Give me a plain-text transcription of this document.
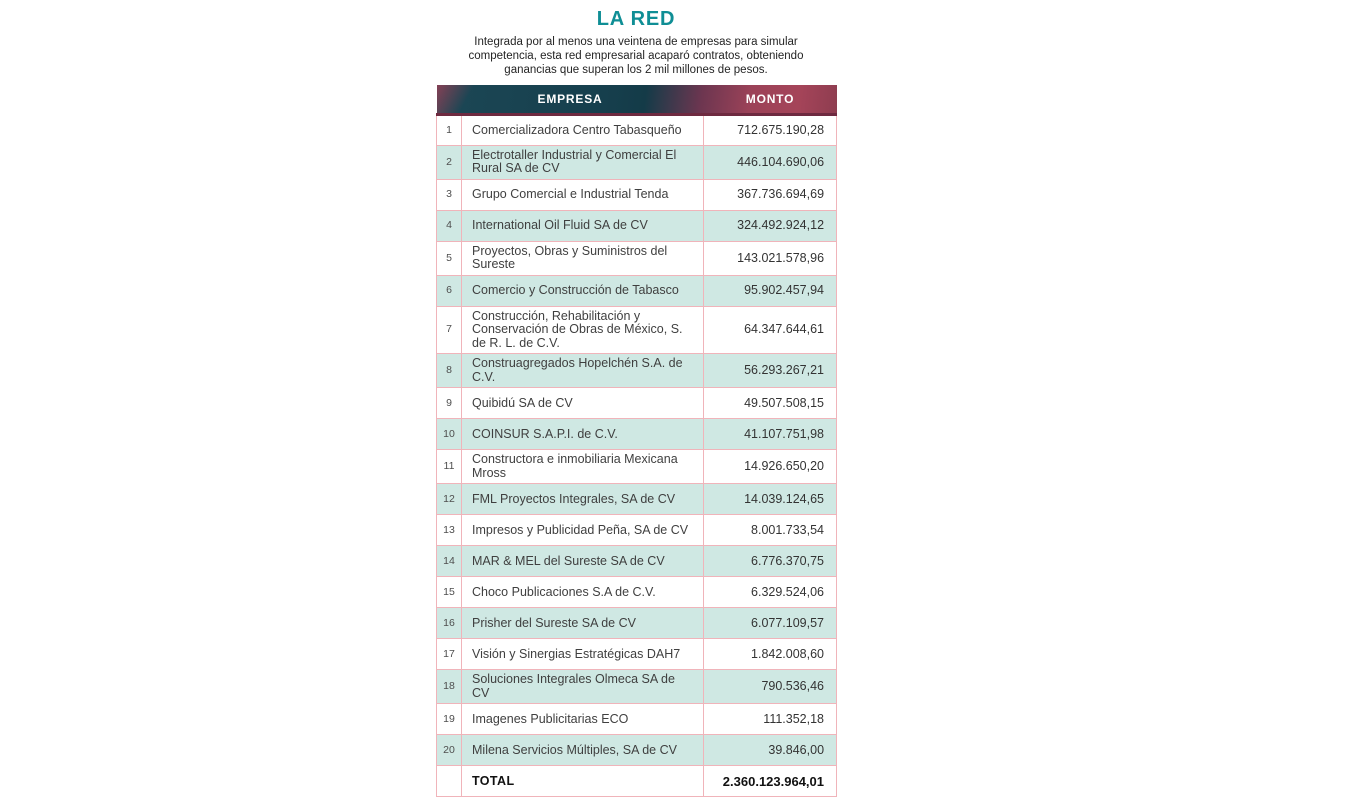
LA RED
Integrada por al menos una veintena de empresas para simular
competencia, esta red empresarial acaparó contratos, obteniendo
ganancias que superan los 2 mil millones de pesos.
EMPRESA		MONTO
1	Comercializadora Centro Tabasqueño	712.675.190,28
2	Electrotaller Industrial y Comercial El Rural SA de CV	446.104.690,06
3	Grupo Comercial e Industrial Tenda	367.736.694,69
4	International Oil Fluid SA de CV	324.492.924,12
5	Proyectos, Obras y Suministros del Sureste	143.021.578,96
6	Comercio y Construcción de Tabasco	95.902.457,94
7	Construcción, Rehabilitación y Conservación de Obras de México, S. de R. L. de C.V.	64.347.644,61
8	Construagregados Hopelchén S.A. de C.V.	56.293.267,21
9	Quibidú SA de CV	49.507.508,15
10	COINSUR S.A.P.I. de C.V.	41.107.751,98
11	Constructora e inmobiliaria Mexicana Mross	14.926.650,20
12	FML Proyectos Integrales, SA de CV	14.039.124,65
13	Impresos y Publicidad Peña, SA de CV	8.001.733,54
14	MAR & MEL del Sureste SA de CV	6.776.370,75
15	Choco Publicaciones S.A de C.V.	6.329.524,06
16	Prisher del Sureste SA de CV	6.077.109,57
17	Visión y Sinergias Estratégicas DAH7	1.842.008,60
18	Soluciones Integrales Olmeca SA de CV	790.536,46
19	Imagenes Publicitarias ECO	111.352,18
20	Milena Servicios Múltiples, SA de CV	39.846,00
	TOTAL	2.360.123.964,01
